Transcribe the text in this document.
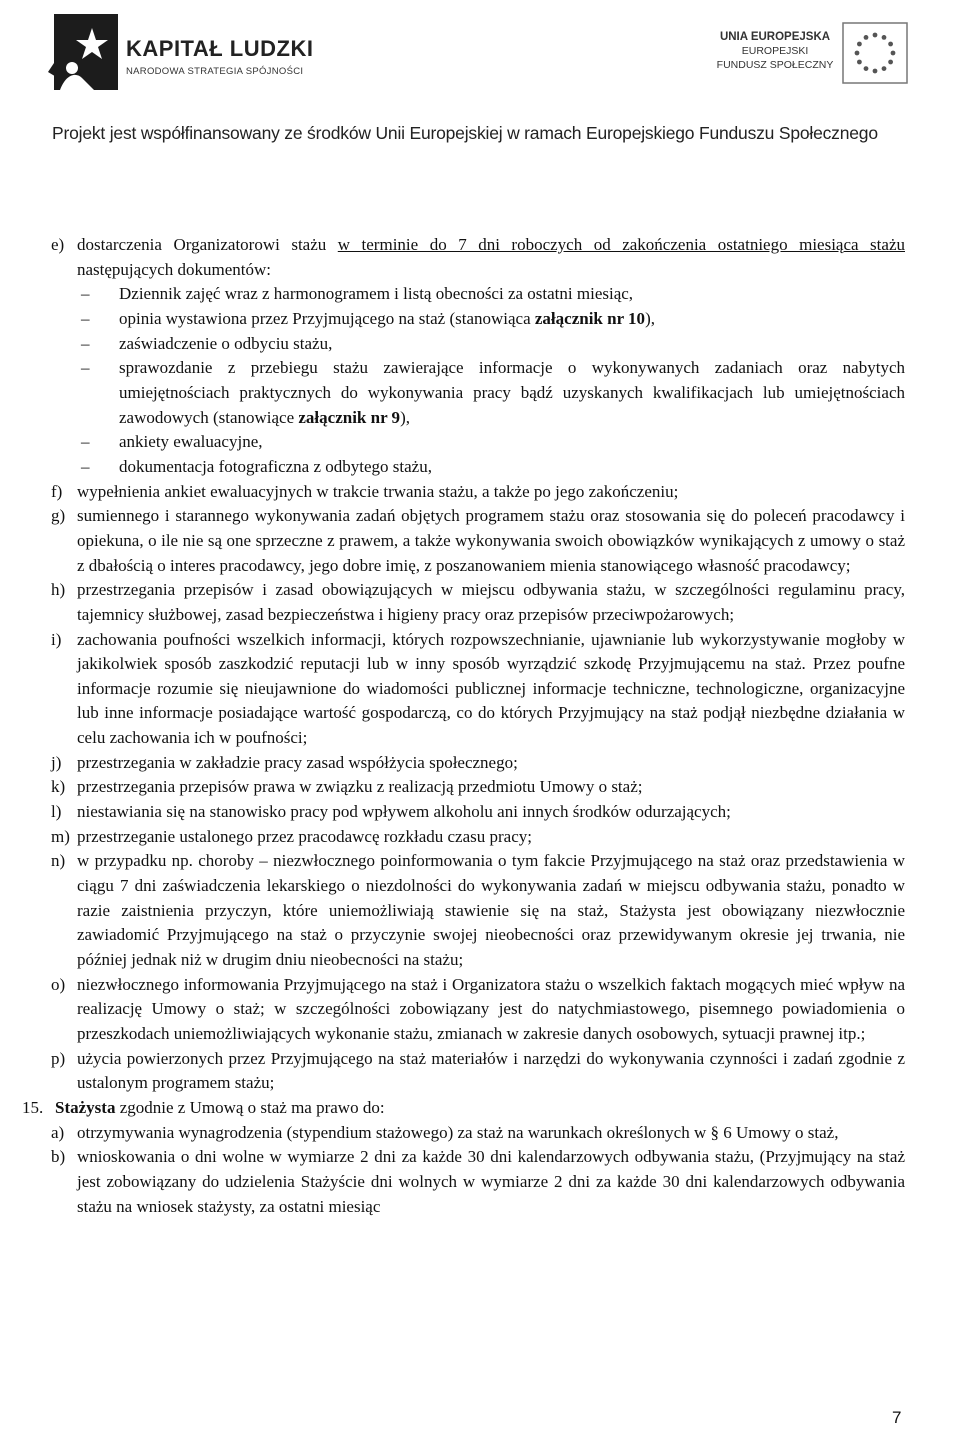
KAPITAŁ LUDZKI
NARODOWA STRATEGIA SPÓJNOŚCI
UNIA EUROPEJSKA
EUROPEJSKI
FUNDUSZ SPOŁECZNY
Projekt jest współfinansowany ze środków Unii Europejskiej w ramach Europejskiego Funduszu Społecznego
e) dostarczenia Organizatorowi stażu w terminie do 7 dni roboczych od zakończenia ostatniego miesiąca stażu następujących dokumentów:
– Dziennik zajęć wraz z harmonogramem i listą obecności za ostatni miesiąc,
– opinia wystawiona przez Przyjmującego na staż (stanowiąca załącznik nr 10),
– zaświadczenie o odbyciu stażu,
– sprawozdanie z przebiegu stażu zawierające informacje o wykonywanych zadaniach oraz nabytych umiejętnościach praktycznych do wykonywania pracy bądź uzyskanych kwalifikacjach lub umiejętnościach zawodowych (stanowiące załącznik nr 9),
– ankiety ewaluacyjne,
– dokumentacja fotograficzna z odbytego stażu,
f) wypełnienia ankiet ewaluacyjnych w trakcie trwania stażu, a także po jego zakończeniu;
g) sumiennego i starannego wykonywania zadań objętych programem stażu oraz stosowania się do poleceń pracodawcy i opiekuna, o ile nie są one sprzeczne z prawem, a także wykonywania swoich obowiązków wynikających z umowy o staż z dbałością o interes pracodawcy, jego dobre imię, z poszanowaniem mienia stanowiącego własność pracodawcy;
h) przestrzegania przepisów i zasad obowiązujących w miejscu odbywania stażu, w szczególności regulaminu pracy, tajemnicy służbowej, zasad bezpieczeństwa i higieny pracy oraz przepisów przeciwpożarowych;
i) zachowania poufności wszelkich informacji, których rozpowszechnianie, ujawnianie lub wykorzystywanie mogłoby w jakikolwiek sposób zaszkodzić reputacji lub w inny sposób wyrządzić szkodę Przyjmującemu na staż. Przez poufne informacje rozumie się nieujawnione do wiadomości publicznej informacje techniczne, technologiczne, organizacyjne lub inne informacje posiadające wartość gospodarczą, co do których Przyjmujący na staż podjął niezbędne działania w celu zachowania ich w poufności;
j) przestrzegania w zakładzie pracy zasad współżycia społecznego;
k) przestrzegania przepisów prawa w związku z realizacją przedmiotu Umowy o staż;
l) niestawiania się na stanowisko pracy pod wpływem alkoholu ani innych środków odurzających;
m) przestrzeganie ustalonego przez pracodawcę rozkładu czasu pracy;
n) w przypadku np. choroby – niezwłocznego poinformowania o tym fakcie Przyjmującego na staż oraz przedstawienia w ciągu 7 dni zaświadczenia lekarskiego o niezdolności do wykonywania zadań w miejscu odbywania stażu, ponadto w razie zaistnienia przyczyn, które uniemożliwiają stawienie się na staż, Stażysta jest obowiązany niezwłocznie zawiadomić Przyjmującego na staż o przyczynie swojej nieobecności oraz przewidywanym okresie jej trwania, nie później jednak niż w drugim dniu nieobecności na stażu;
o) niezwłocznego informowania Przyjmującego na staż i Organizatora stażu o wszelkich faktach mogących mieć wpływ na realizację Umowy o staż; w szczególności zobowiązany jest do natychmiastowego, pisemnego powiadomienia o przeszkodach uniemożliwiających wykonanie stażu, zmianach w zakresie danych osobowych, sytuacji prawnej itp.;
p) użycia powierzonych przez Przyjmującego na staż materiałów i narzędzi do wykonywania czynności i zadań zgodnie z ustalonym programem stażu;
15. Stażysta zgodnie z Umową o staż ma prawo do:
a) otrzymywania wynagrodzenia (stypendium stażowego) za staż na warunkach określonych w § 6 Umowy o staż,
b) wnioskowania o dni wolne w wymiarze 2 dni za każde 30 dni kalendarzowych odbywania stażu, (Przyjmujący na staż jest zobowiązany do udzielenia Stażyście dni wolnych w wymiarze 2 dni za każde 30 dni kalendarzowych odbywania stażu na wniosek stażysty, za ostatni miesiąc
7
